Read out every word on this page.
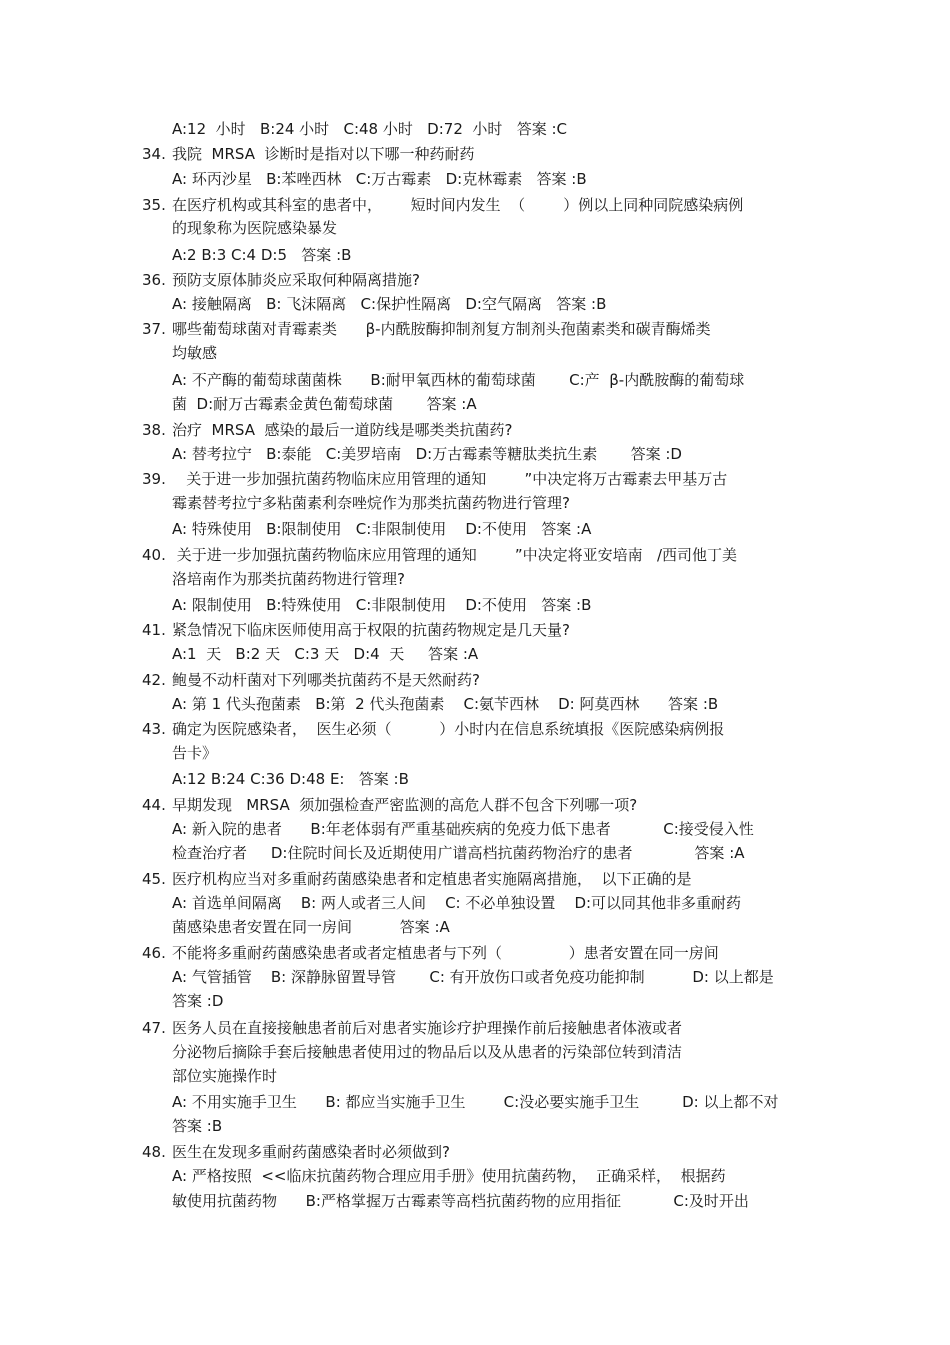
A:12  小时   B:24 小时   C:48 小时   D:72  小时   答案 :C
34. 我院  MRSA  诊断时是指对以下哪一种药耐药
A: 环丙沙星   B:苯唑西林   C:万古霉素   D:克林霉素   答案 :B
35. 在医疗机构或其科室的患者中，      短时间内发生  （        ）例以上同种同院感染病例
的现象称为医院感染暴发
A:2 B:3 C:4 D:5   答案 :B
36. 预防支原体肺炎应采取何种隔离措施?
A: 接触隔离   B: 飞沫隔离   C:保护性隔离   D:空气隔离   答案 :B
37. 哪些葡萄球菌对青霉素类      β-内酰胺酶抑制剂复方制剂头孢菌素类和碳青酶烯类
均敏感
A: 不产酶的葡萄球菌菌株      B:耐甲氧西林的葡萄球菌       C:产  β-内酰胺酶的葡萄球
菌  D:耐万古霉素金黄色葡萄球菌       答案 :A
38. 治疗  MRSA  感染的最后一道防线是哪类类抗菌药?
A: 替考拉宁   B:泰能   C:美罗培南   D:万古霉素等糖肽类抗生素       答案 :D
39. 关于进一步加强抗菌药物临床应用管理的通知        ”中决定将万古霉素去甲基万古
霉素替考拉宁多粘菌素利奈唑烷作为那类抗菌药物进行管理?
A: 特殊使用   B:限制使用   C:非限制使用    D:不使用   答案 :A
40. 关于进一步加强抗菌药物临床应用管理的通知        ”中决定将亚安培南   /西司他丁美
洛培南作为那类抗菌药物进行管理?
A: 限制使用   B:特殊使用   C:非限制使用    D:不使用   答案 :B
41. 紧急情况下临床医师使用高于权限的抗菌药物规定是几天量?
A:1  天   B:2 天   C:3 天   D:4  天     答案 :A
42. 鲍曼不动杆菌对下列哪类抗菌药不是天然耐药?
A: 第 1 代头孢菌素   B:第  2 代头孢菌素    C:氨苄西林    D: 阿莫西林      答案 :B
43. 确定为医院感染者，  医生必须（          ）小时内在信息系统填报《医院感染病例报
告卡》
A:12 B:24 C:36 D:48 E:   答案 :B
44. 早期发现   MRSA  须加强检查严密监测的高危人群不包含下列哪一项?
A: 新入院的患者      B:年老体弱有严重基础疾病的免疫力低下患者           C:接受侵入性
检查治疗者     D:住院时间长及近期使用广谱高档抗菌药物治疗的患者             答案 :A
45. 医疗机构应当对多重耐药菌感染患者和定植患者实施隔离措施，  以下正确的是
A: 首选单间隔离    B: 两人或者三人间    C: 不必单独设置    D:可以同其他非多重耐药
菌感染患者安置在同一房间          答案 :A
46. 不能将多重耐药菌感染患者或者定植患者与下列（              ）患者安置在同一房间
A: 气管插管    B: 深静脉留置导管       C: 有开放伤口或者免疫功能抑制          D: 以上都是
答案 :D
47. 医务人员在直接接触患者前后对患者实施诊疗护理操作前后接触患者体液或者
分泌物后摘除手套后接触患者使用过的物品后以及从患者的污染部位转到清洁
部位实施操作时
A: 不用实施手卫生      B: 都应当实施手卫生        C:没必要实施手卫生         D: 以上都不对
答案 :B
48. 医生在发现多重耐药菌感染者时必须做到?
A: 严格按照  <<临床抗菌药物合理应用手册》使用抗菌药物，  正确采样，  根据药
敏使用抗菌药物      B:严格掌握万古霉素等高档抗菌药物的应用指征           C:及时开出
